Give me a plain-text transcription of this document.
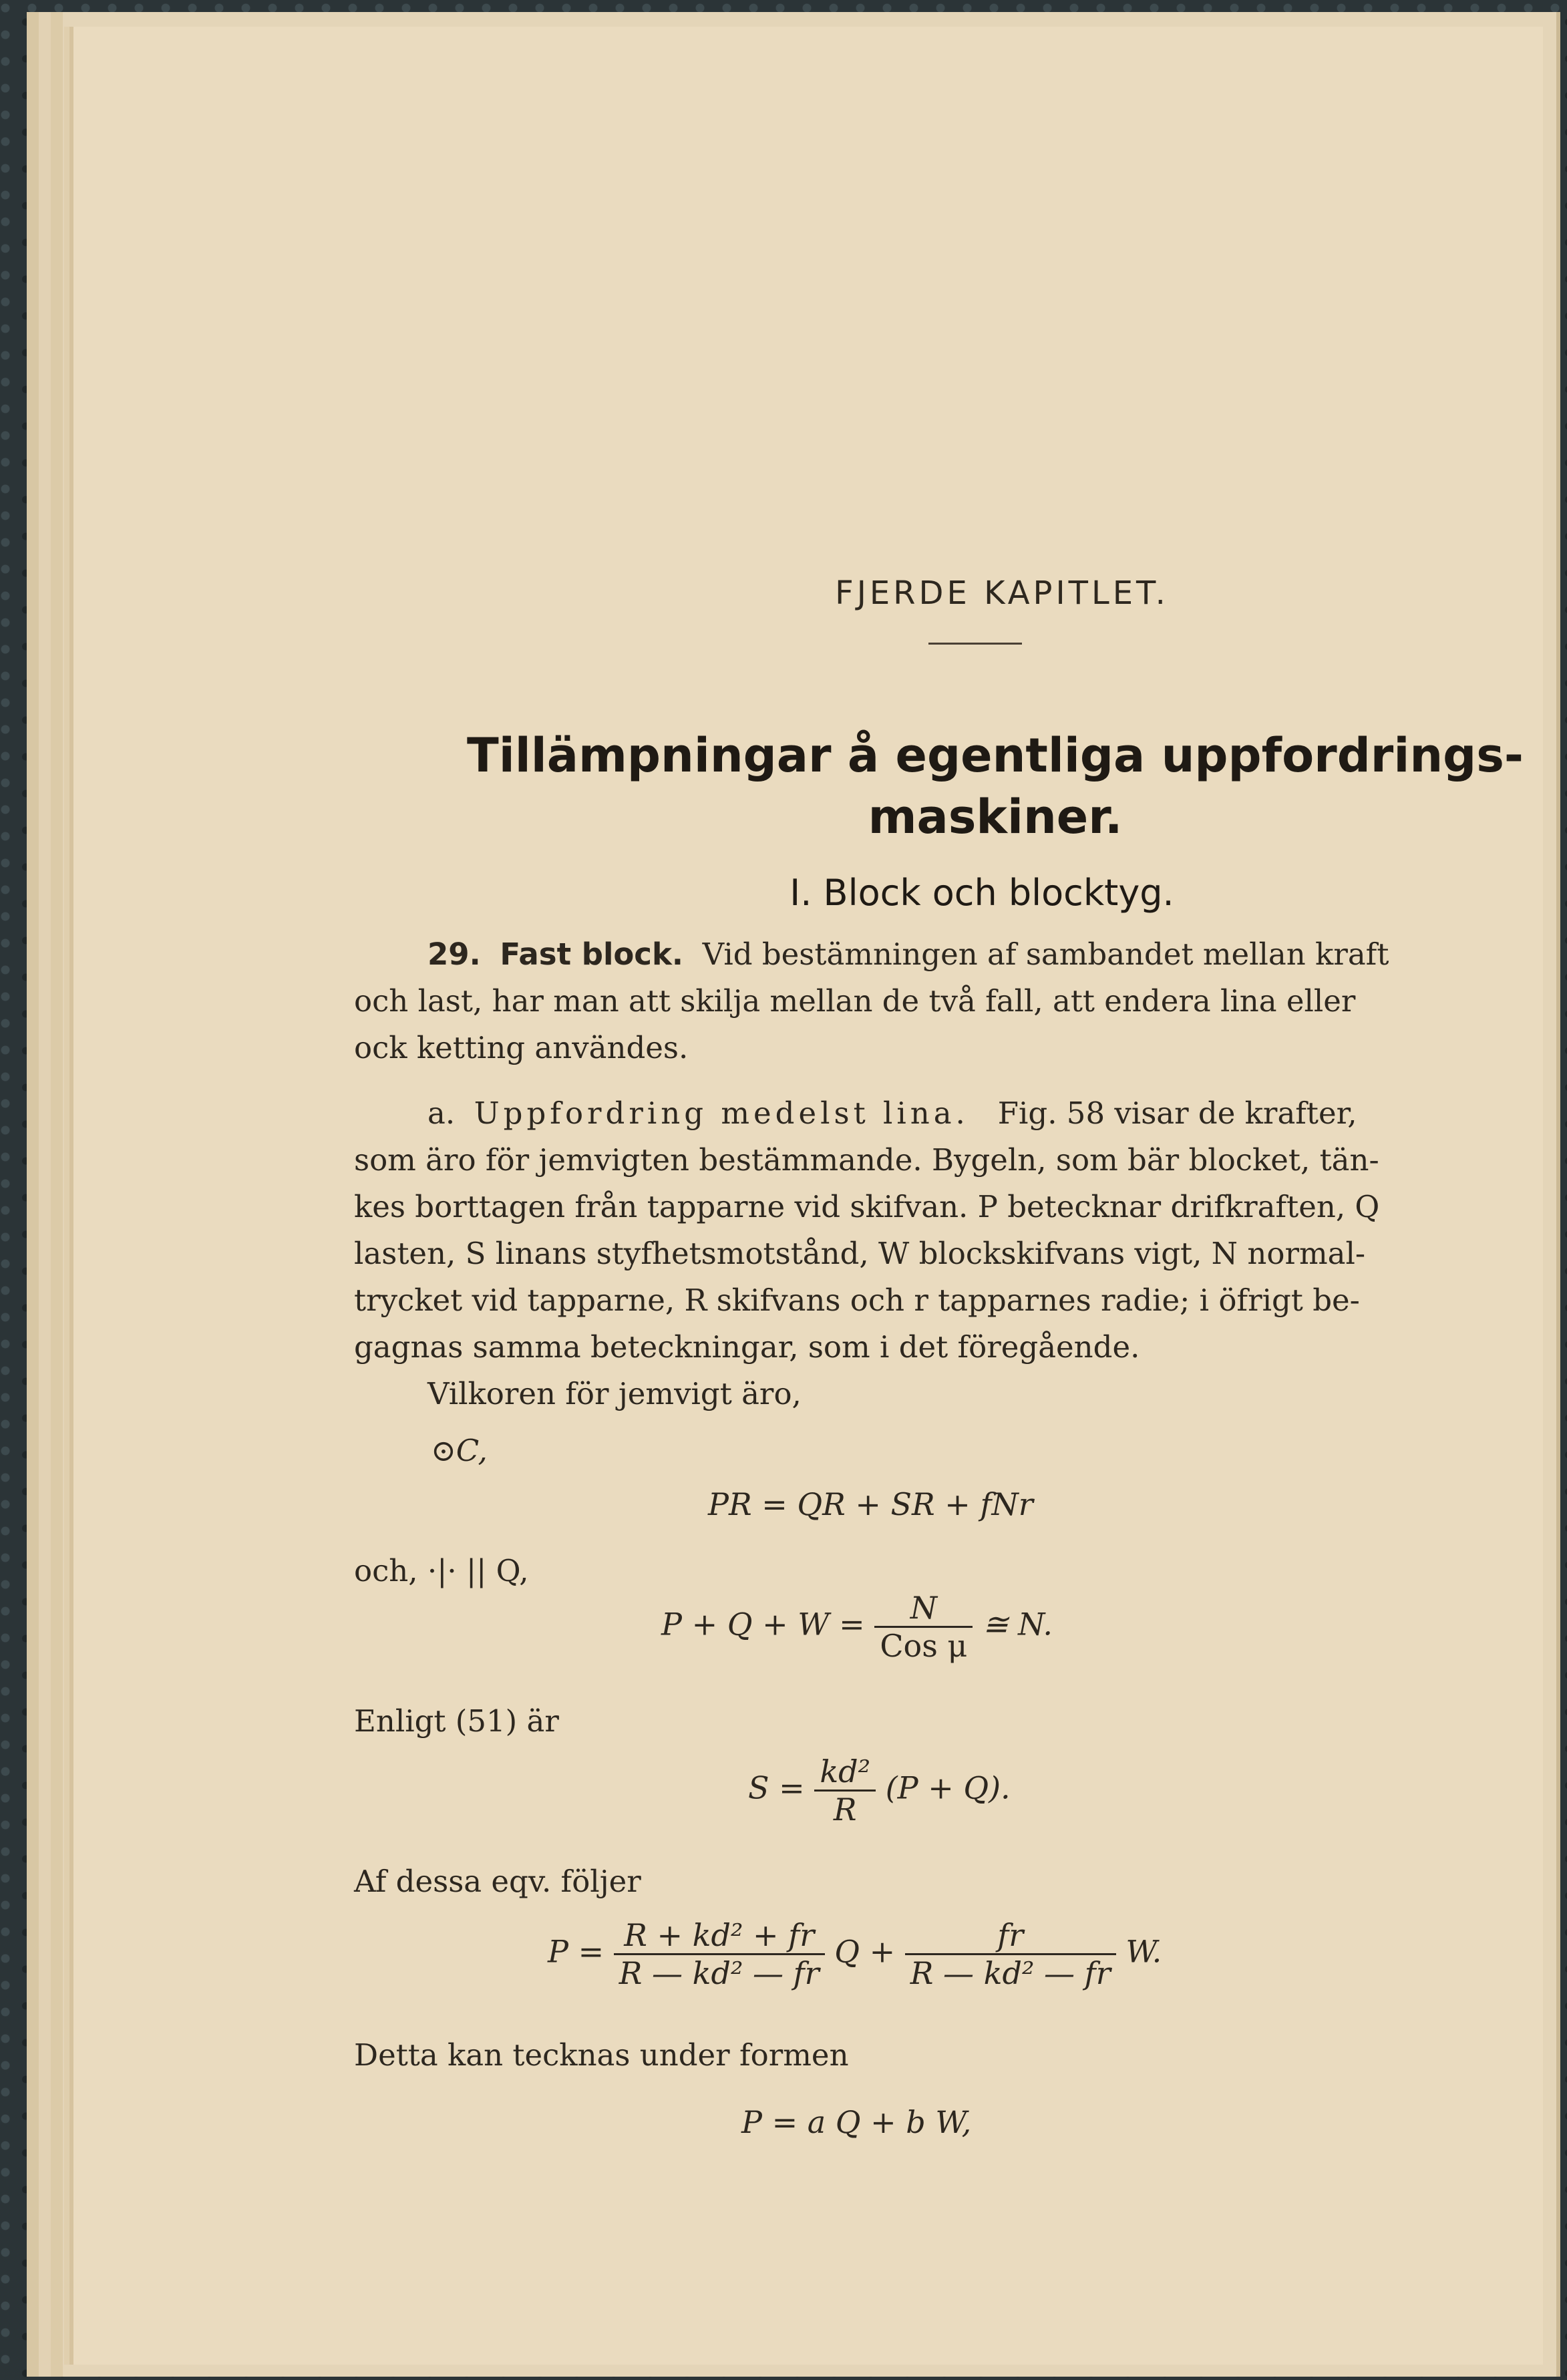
FJERDE KAPITLET.
Tillämpningar å egentliga uppfordrings-
maskiner.
I. Block och blocktyg.
29. Fast block. Vid bestämningen af sambandet mellan kraft
och last, har man att skilja mellan de två fall, att endera lina eller
ock ketting användes.
a. Uppfordring medelst lina. Fig. 58 visar de krafter,
som äro för jemvigten bestämmande. Bygeln, som bär blocket, tän-
kes borttagen från tapparne vid skifvan. P betecknar drifkraften, Q
lasten, S linans styfhetsmotstånd, W blockskifvans vigt, N normal-
trycket vid tapparne, R skifvans och r tapparnes radie; i öfrigt be-
gagnas samma beteckningar, som i det föregående.
Vilkoren för jemvigt äro,
⊙C,
PR = QR + SR + fNr
och, ·|· || Q,
$P + Q + W = \frac{N}{\text{Cos μ}}$ ≅ N.
Enligt (51) är
$S = \frac{\text{kd²}}{R} (P + Q)$.
Af dessa eqv. följer
$P = \frac{\text{R + kd² + fr}}{\text{R — kd² — fr}}$ $Q + \frac{fr}{\text{R — kd² — fr}} W$.
Detta kan tecknas under formen
P = a Q + b W,
